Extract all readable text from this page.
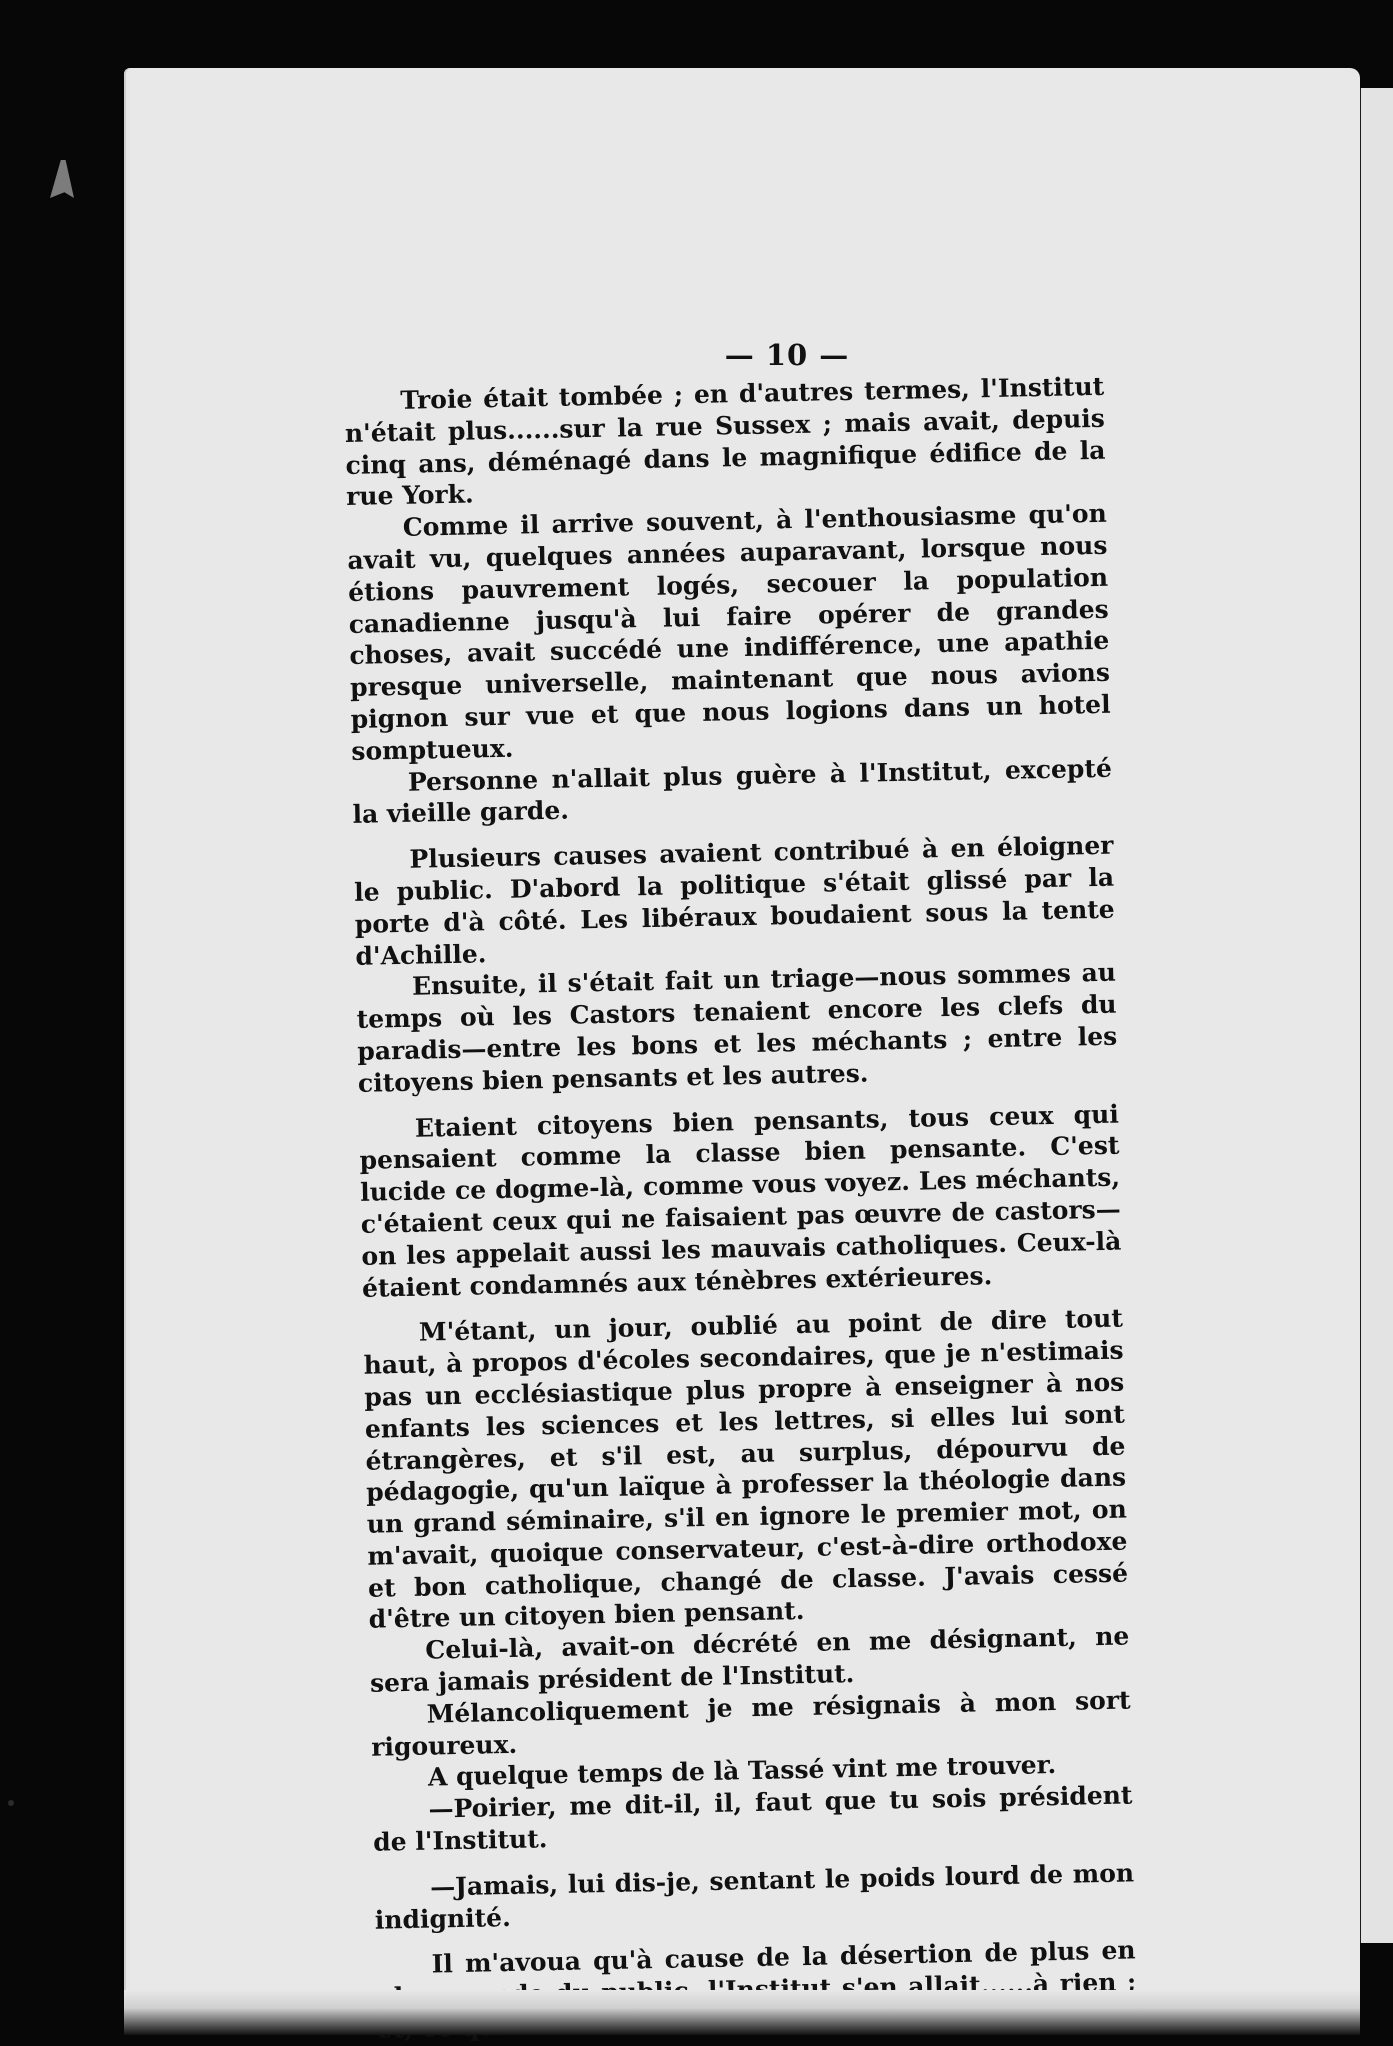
— 10 —

Troie était tombée ; en d'autres termes, l'Institut n'était plus......sur la rue Sussex ; mais avait, depuis cinq ans, déménagé dans le magnifique édifice de la rue York.

Comme il arrive souvent, à l'enthousiasme qu'on avait vu, quelques années auparavant, lorsque nous étions pauvrement logés, secouer la population canadienne jusqu'à lui faire opérer de grandes choses, avait succédé une indifférence, une apathie presque universelle, maintenant que nous avions pignon sur vue et que nous logions dans un hotel somptueux.

Personne n'allait plus guère à l'Institut, excepté la vieille garde.

Plusieurs causes avaient contribué à en éloigner le public. D'abord la politique s'était glissé par la porte d'à côté. Les libéraux boudaient sous la tente d'Achille.

Ensuite, il s'était fait un triage—nous sommes au temps où les Castors tenaient encore les clefs du paradis—entre les bons et les méchants ; entre les citoyens bien pensants et les autres.

Etaient citoyens bien pensants, tous ceux qui pensaient comme la classe bien pensante. C'est lucide ce dogme-là, comme vous voyez. Les méchants, c'étaient ceux qui ne faisaient pas œuvre de castors—on les appelait aussi les mauvais catholiques. Ceux-là étaient condamnés aux ténèbres extérieures.

M'étant, un jour, oublié au point de dire tout haut, à propos d'écoles secondaires, que je n'estimais pas un ecclésiastique plus propre à enseigner à nos enfants les sciences et les lettres, si elles lui sont étrangères, et s'il est, au surplus, dépourvu de pédagogie, qu'un laïque à professer la théologie dans un grand séminaire, s'il en ignore le premier mot, on m'avait, quoique conservateur, c'est-à-dire orthodoxe et bon catholique, changé de classe. J'avais cessé d'être un citoyen bien pensant.

Celui-là, avait-on décrété en me désignant, ne sera jamais président de l'Institut.

Mélancoliquement je me résignais à mon sort rigoureux.

A quelque temps de là Tassé vint me trouver.

—Poirier, me dit-il, il, faut que tu sois président de l'Institut.

—Jamais, lui dis-je, sentant le poids lourd de mon indignité.

Il m'avoua qu'à cause de la désertion de plus en s'en allait......à rien ;
